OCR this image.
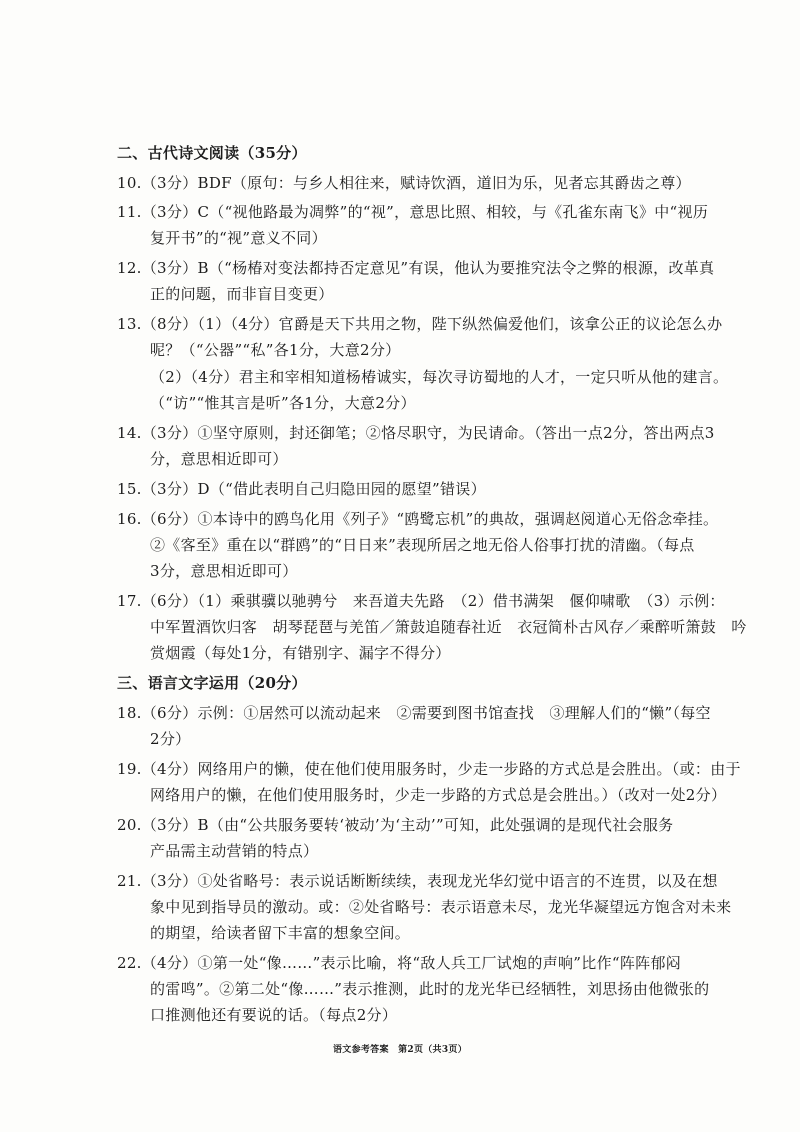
二、古代诗文阅读（35分）
10.（3分）BDF（原句：与乡人相往来，赋诗饮酒，道旧为乐，见者忘其爵齿之尊）
11.（3分）C（“视他路最为凋弊”的“视”，意思比照、相较，与《孔雀东南飞》中“视历
复开书”的“视”意义不同）
12.（3分）B（“杨椿对变法都持否定意见”有误，他认为要推究法令之弊的根源，改革真
正的问题，而非盲目变更）
13.（8分）（1）（4分）官爵是天下共用之物，陛下纵然偏爱他们，该拿公正的议论怎么办
呢？（“公器”“私”各1分，大意2分）
（2）（4分）君主和宰相知道杨椿诚实，每次寻访蜀地的人才，一定只听从他的建言。
（“访”“惟其言是听”各1分，大意2分）
14.（3分）①坚守原则，封还御笔；②恪尽职守，为民请命。（答出一点2分，答出两点3
分，意思相近即可）
15.（3分）D（“借此表明自己归隐田园的愿望”错误）
16.（6分）①本诗中的鸥鸟化用《列子》“鸥鹭忘机”的典故，强调赵阅道心无俗念牵挂。
②《客至》重在以“群鸥”的“日日来”表现所居之地无俗人俗事打扰的清幽。（每点
3分，意思相近即可）
17.（6分）（1）乘骐骥以驰骋兮　来吾道夫先路　（2）借书满架　偃仰啸歌　（3）示例：
中军置酒饮归客　胡琴琵琶与羌笛／箫鼓追随春社近　衣冠简朴古风存／乘醉听箫鼓　吟
赏烟霞（每处1分，有错别字、漏字不得分）
三、语言文字运用（20分）
18.（6分）示例：①居然可以流动起来　②需要到图书馆查找　③理解人们的“懒”（每空
2分）
19.（4分）网络用户的懒，使在他们使用服务时，少走一步路的方式总是会胜出。（或：由于
网络用户的懒，在他们使用服务时，少走一步路的方式总是会胜出。）（改对一处2分）
20.（3分）B（由“公共服务要转‘被动’为‘主动’”可知，此处强调的是现代社会服务
产品需主动营销的特点）
21.（3分）①处省略号：表示说话断断续续，表现龙光华幻觉中语言的不连贯，以及在想
象中见到指导员的激动。或：②处省略号：表示语意未尽，龙光华凝望远方饱含对未来
的期望，给读者留下丰富的想象空间。
22.（4分）①第一处“像……”表示比喻，将“敌人兵工厂试炮的声响”比作“阵阵郁闷
的雷鸣”。②第二处“像……”表示推测，此时的龙光华已经牺牲，刘思扬由他微张的
口推测他还有要说的话。（每点2分）
语文参考答案　第2页（共3页）
